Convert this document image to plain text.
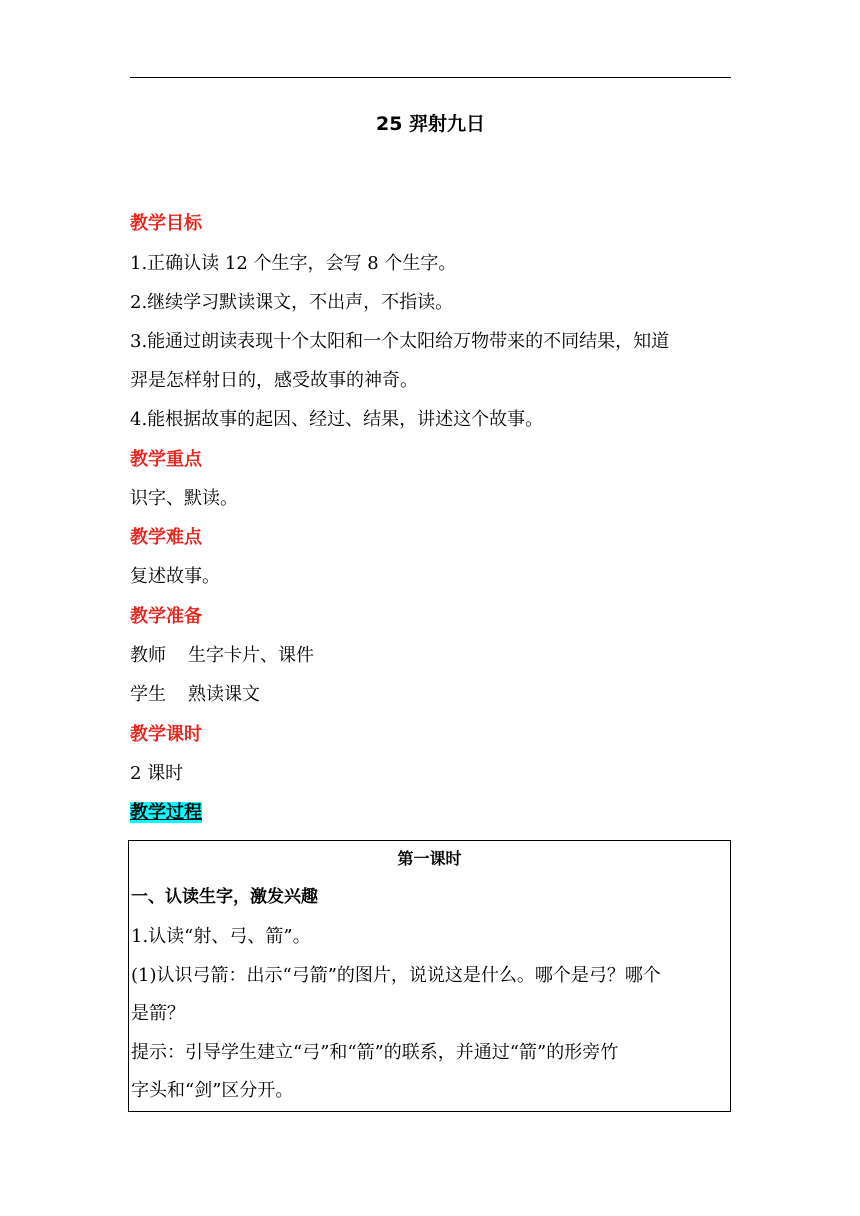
25 羿射九日
教学目标
1.正确认读 12 个生字，会写 8 个生字。
2.继续学习默读课文，不出声，不指读。
3.能通过朗读表现十个太阳和一个太阳给万物带来的不同结果，知道
羿是怎样射日的，感受故事的神奇。
4.能根据故事的起因、经过、结果，讲述这个故事。
教学重点
识字、默读。
教学难点
复述故事。
教学准备
教师 生字卡片、课件
学生 熟读课文
教学课时
2 课时
教学过程
第一课时
一、认读生字，激发兴趣
1.认读“射、弓、箭”。
(1)认识弓箭：出示“弓箭”的图片，说说这是什么。哪个是弓？哪个
是箭？
提示：引导学生建立“弓”和“箭”的联系，并通过“箭”的形旁竹
字头和“剑”区分开。
